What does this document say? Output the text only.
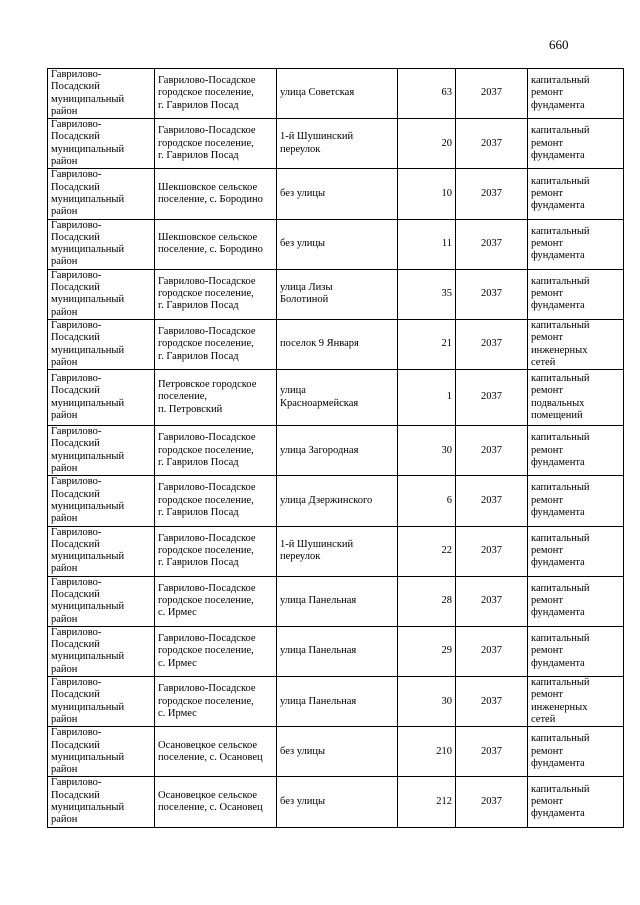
660
Гаврилово-
Посадский
муниципальный
район	Гаврилово-Посадское
городское поселение,
г. Гаврилов Посад	улица Советская	63	2037	капитальный
ремонт
фундамента
Гаврилово-
Посадский
муниципальный
район	Гаврилово-Посадское
городское поселение,
г. Гаврилов Посад	1-й Шушинский
переулок	20	2037	капитальный
ремонт
фундамента
Гаврилово-
Посадский
муниципальный
район	Шекшовское сельское
поселение, с. Бородино	без улицы	10	2037	капитальный
ремонт
фундамента
Гаврилово-
Посадский
муниципальный
район	Шекшовское сельское
поселение, с. Бородино	без улицы	11	2037	капитальный
ремонт
фундамента
Гаврилово-
Посадский
муниципальный
район	Гаврилово-Посадское
городское поселение,
г. Гаврилов Посад	улица Лизы
Болотиной	35	2037	капитальный
ремонт
фундамента
Гаврилово-
Посадский
муниципальный
район	Гаврилово-Посадское
городское поселение,
г. Гаврилов Посад	поселок 9 Января	21	2037	капитальный
ремонт
инженерных
сетей
Гаврилово-
Посадский
муниципальный
район	Петровское городское
поселение,
п. Петровский	улица
Красноармейская	1	2037	капитальный
ремонт
подвальных
помещений
Гаврилово-
Посадский
муниципальный
район	Гаврилово-Посадское
городское поселение,
г. Гаврилов Посад	улица Загородная	30	2037	капитальный
ремонт
фундамента
Гаврилово-
Посадский
муниципальный
район	Гаврилово-Посадское
городское поселение,
г. Гаврилов Посад	улица Дзержинского	6	2037	капитальный
ремонт
фундамента
Гаврилово-
Посадский
муниципальный
район	Гаврилово-Посадское
городское поселение,
г. Гаврилов Посад	1-й Шушинский
переулок	22	2037	капитальный
ремонт
фундамента
Гаврилово-
Посадский
муниципальный
район	Гаврилово-Посадское
городское поселение,
с. Ирмес	улица Панельная	28	2037	капитальный
ремонт
фундамента
Гаврилово-
Посадский
муниципальный
район	Гаврилово-Посадское
городское поселение,
с. Ирмес	улица Панельная	29	2037	капитальный
ремонт
фундамента
Гаврилово-
Посадский
муниципальный
район	Гаврилово-Посадское
городское поселение,
с. Ирмес	улица Панельная	30	2037	капитальный
ремонт
инженерных
сетей
Гаврилово-
Посадский
муниципальный
район	Осановецкое сельское
поселение, с. Осановец	без улицы	210	2037	капитальный
ремонт
фундамента
Гаврилово-
Посадский
муниципальный
район	Осановецкое сельское
поселение, с. Осановец	без улицы	212	2037	капитальный
ремонт
фундамента
